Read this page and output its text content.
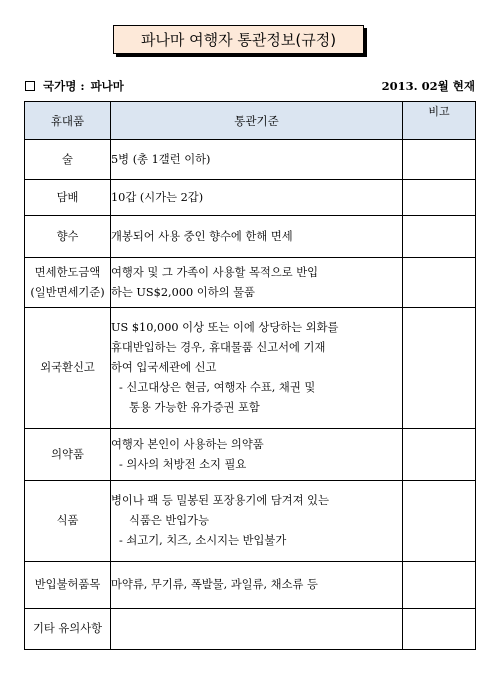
파나마 여행자 통관정보(규정)
국가명 : 파나마	2013. 02월 현재
휴대품	통관기준	비고

술	5병 (총 1갤런 이하)	

담배	10갑 (시가는 2갑)	

향수	개봉되어 사용 중인 향수에 한해 면세	

면세한도금액
(일반면세기준)	여행자 및 그 가족이 사용할 목적으로 반입
하는 US$2,000 이하의 물품	

외국환신고	US $10,000 이상 또는 이에 상당하는 외화를
휴대반입하는 경우, 휴대물품 신고서에 기재
하여 입국세관에 신고
- 신고대상은 현금, 여행자 수표, 채권 및
통용 가능한 유가증권 포함	

의약품	여행자 본인이 사용하는 의약품
- 의사의 처방전 소지 필요	

식품	병이나 팩 등 밀봉된 포장용기에 담겨져 있는
식품은 반입가능
- 쇠고기, 치즈, 소시지는 반입불가	

반입불허품목	마약류, 무기류, 폭발물, 과일류, 채소류 등	

기타 유의사항		
